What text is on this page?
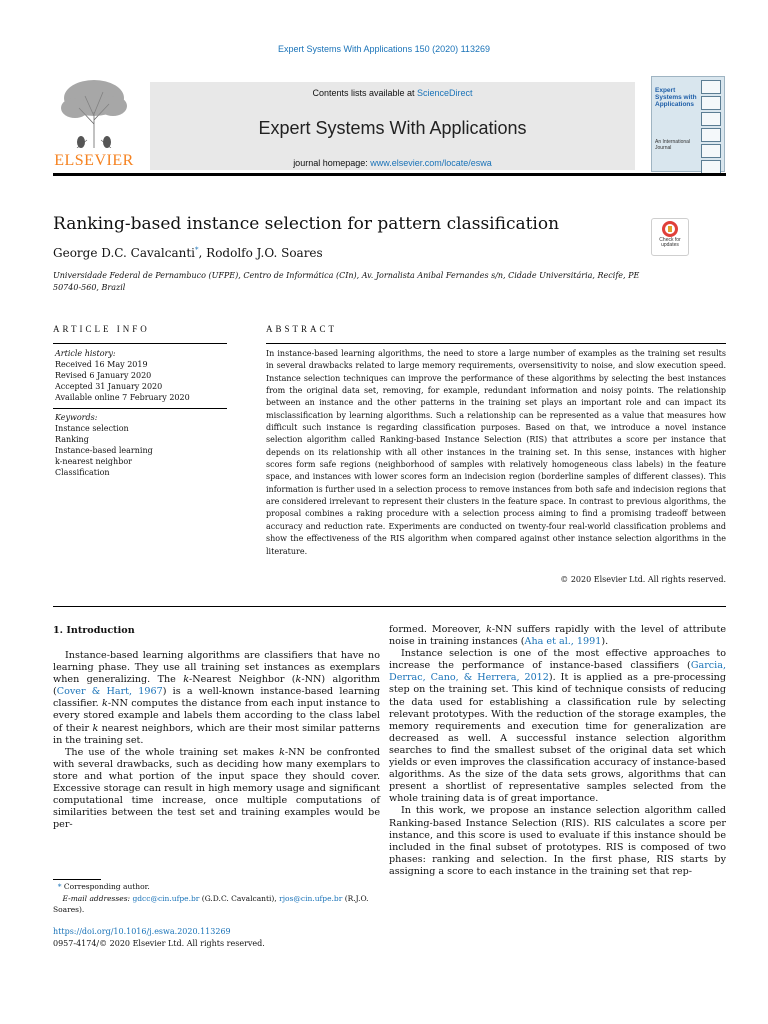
Expert Systems With Applications 150 (2020) 113269
ELSEVIER
Contents lists available at ScienceDirect
Expert Systems With Applications
journal homepage: www.elsevier.com/locate/eswa
Expert Systems with Applications
An International Journal
Ranking-based instance selection for pattern classification
Check for updates
George D.C. Cavalcanti*, Rodolfo J.O. Soares
Universidade Federal de Pernambuco (UFPE), Centro de Informática (CIn), Av. Jornalista Anibal Fernandes s/n, Cidade Universitária, Recife, PE 50740-560, Brazil
ARTICLE INFO	ABSTRACT
Article history:
Received 16 May 2019
Revised 6 January 2020
Accepted 31 January 2020
Available online 7 February 2020
Keywords:
Instance selection
Ranking
Instance-based learning
k-nearest neighbor
Classification
In instance-based learning algorithms, the need to store a large number of examples as the training set results in several drawbacks related to large memory requirements, oversensitivity to noise, and slow execution speed. Instance selection techniques can improve the performance of these algorithms by selecting the best instances from the original data set, removing, for example, redundant information and noisy points. The relationship between an instance and the other patterns in the training set plays an important role and can impact its misclassification by learning algorithms. Such a relationship can be represented as a value that measures how difficult such instance is regarding classification purposes. Based on that, we introduce a novel instance selection algorithm called Ranking-based Instance Selection (RIS) that attributes a score per instance that depends on its relationship with all other instances in the training set. In this sense, instances with higher scores form safe regions (neighborhood of samples with relatively homogeneous class labels) in the feature space, and instances with lower scores form an indecision region (borderline samples of different classes). This information is further used in a selection process to remove instances from both safe and indecision regions that are considered irrelevant to represent their clusters in the feature space. In contrast to previous algorithms, the proposal combines a raking procedure with a selection process aiming to find a promising tradeoff between accuracy and reduction rate. Experiments are conducted on twenty-four real-world classification problems and show the effectiveness of the RIS algorithm when compared against other instance selection algorithms in the literature.
© 2020 Elsevier Ltd. All rights reserved.
1. Introduction

Instance-based learning algorithms are classifiers that have no learning phase. They use all training set instances as exemplars when generalizing. The k-Nearest Neighbor (k-NN) algorithm (Cover & Hart, 1967) is a well-known instance-based learning classifier. k-NN computes the distance from each input instance to every stored example and labels them according to the class label of their k nearest neighbors, which are their most similar patterns in the training set.

The use of the whole training set makes k-NN be confronted with several drawbacks, such as deciding how many exemplars to store and what portion of the input space they should cover. Excessive storage can result in high memory usage and significant computational time increase, once multiple computations of similarities between the test set and training examples would be per-

formed. Moreover, k-NN suffers rapidly with the level of attribute noise in training instances (Aha et al., 1991).

Instance selection is one of the most effective approaches to increase the performance of instance-based classifiers (Garcia, Derrac, Cano, & Herrera, 2012). It is applied as a pre-processing step on the training set. This kind of technique consists of reducing the data used for establishing a classification rule by selecting relevant prototypes. With the reduction of the storage examples, the memory requirements and execution time for generalization are decreased as well. A successful instance selection algorithm searches to find the smallest subset of the original data set which yields or even improves the classification accuracy of instance-based algorithms. As the size of the data sets grows, algorithms that can present a shortlist of representative samples selected from the whole training data is of great importance.

In this work, we propose an instance selection algorithm called Ranking-based Instance Selection (RIS). RIS calculates a score per instance, and this score is used to evaluate if this instance should be included in the final subset of prototypes. RIS is composed of two phases: ranking and selection. In the first phase, RIS starts by assigning a score to each instance in the training set that rep-

* Corresponding author.
E-mail addresses: gdcc@cin.ufpe.br (G.D.C. Cavalcanti), rjos@cin.ufpe.br (R.J.O. Soares).
https://doi.org/10.1016/j.eswa.2020.113269
0957-4174/© 2020 Elsevier Ltd. All rights reserved.
